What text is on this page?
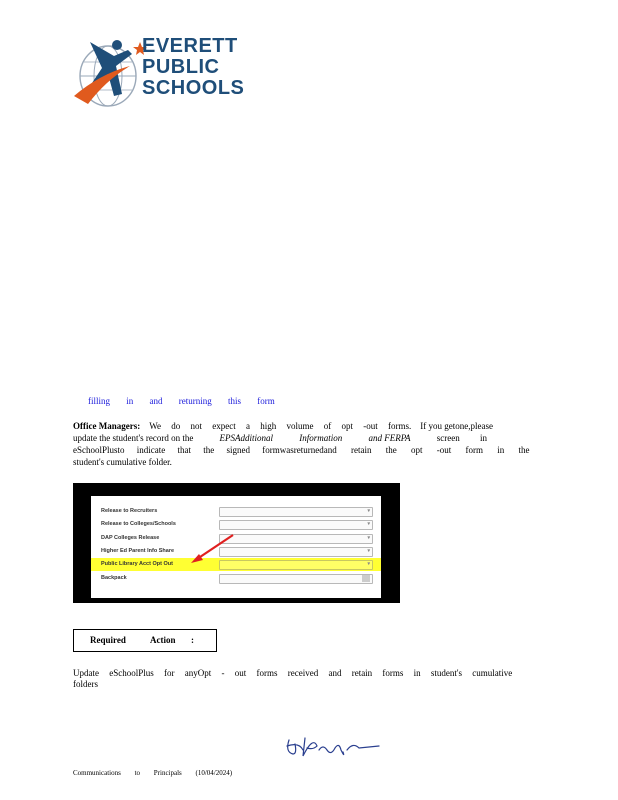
EVERETT
PUBLIC
SCHOOLS
filling in and returning this form
Office Managers: We do not expect a high volume of opt -out forms. If you getone,please
update the student's record on the	EPSAdditional	Information	and FERPA	screen in
eSchoolPlus to indicate that the signed formwasreturned and retain the opt -out form in the
student's cumulative folder.
Release to Recruiters	▾
Release to Colleges/Schools	▾
DAP Colleges Release	▾
Higher Ed Parent Info Share	▾
Public Library Acct Opt Out	▾
Backpack
Required	Action :
Update eSchoolPlus for anyOpt - out forms received and retain forms in student's cumulative
folders
Communications to Principals (10/04/2024)
